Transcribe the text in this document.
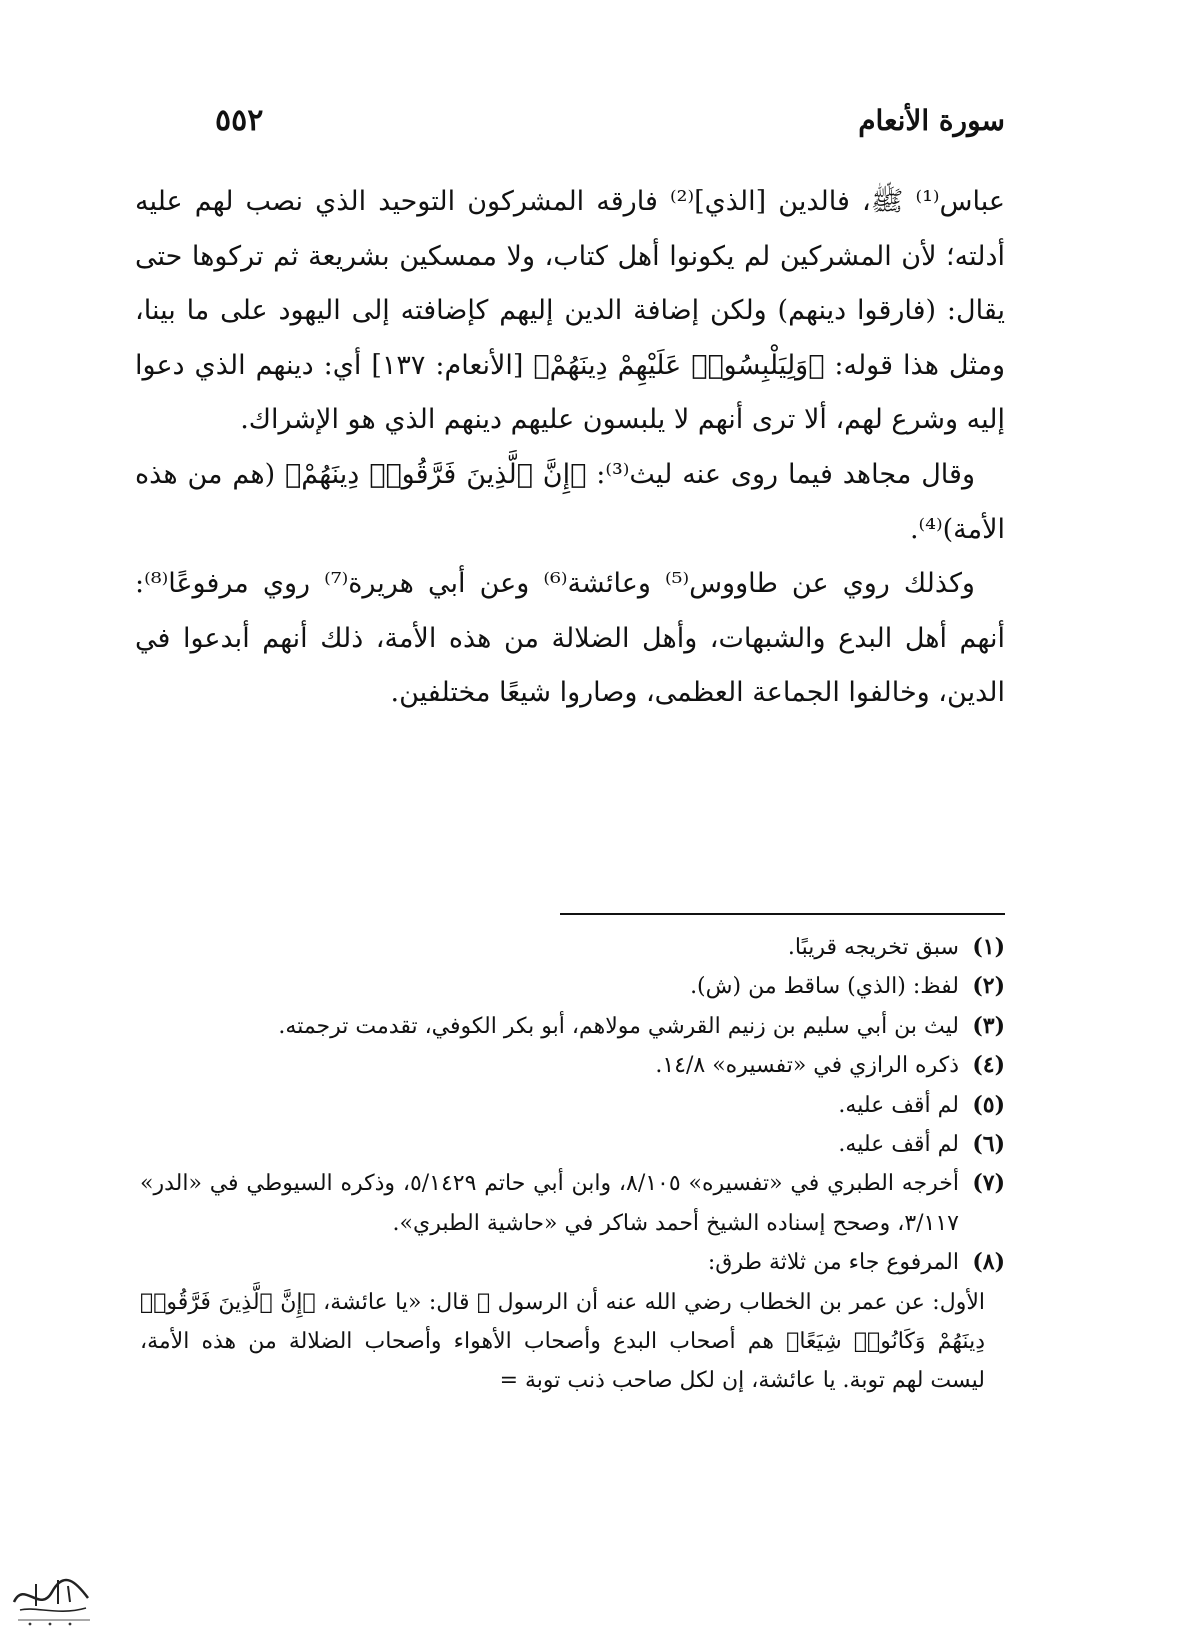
سورة الأنعام
٥٥٢

عباس⁽¹⁾ ﷺ، فالدين [الذي]⁽²⁾ فارقه المشركون التوحيد الذي نصب لهم عليه أدلته؛ لأن المشركين لم يكونوا أهل كتاب، ولا ممسكين بشريعة ثم تركوها حتى يقال: (فارقوا دينهم) ولكن إضافة الدين إليهم كإضافته إلى اليهود على ما بينا، ومثل هذا قوله: ﴿وَلِيَلْبِسُوا۟ عَلَيْهِمْ دِينَهُمْ﴾ [الأنعام: ١٣٧] أي: دينهم الذي دعوا إليه وشرع لهم، ألا ترى أنهم لا يلبسون عليهم دينهم الذي هو الإشراك.

وقال مجاهد فيما روى عنه ليث⁽³⁾: ﴿إِنَّ ٱلَّذِينَ فَرَّقُوا۟ دِينَهُمْ﴾ (هم من هذه الأمة)⁽⁴⁾.

وكذلك روي عن طاووس⁽⁵⁾ وعائشة⁽⁶⁾ وعن أبي هريرة⁽⁷⁾ روي مرفوعًا⁽⁸⁾: أنهم أهل البدع والشبهات، وأهل الضلالة من هذه الأمة، ذلك أنهم أبدعوا في الدين، وخالفوا الجماعة العظمى، وصاروا شيعًا مختلفين.

(١)
سبق تخريجه قريبًا.
(٢)
لفظ: (الذي) ساقط من (ش).
(٣)
ليث بن أبي سليم بن زنيم القرشي مولاهم، أبو بكر الكوفي، تقدمت ترجمته.
(٤)
ذكره الرازي في «تفسيره» ١٤/٨.
(٥)
لم أقف عليه.
(٦)
لم أقف عليه.
(٧)
أخرجه الطبري في «تفسيره» ٨/١٠٥، وابن أبي حاتم ٥/١٤٢٩، وذكره السيوطي في «الدر» ٣/١١٧، وصحح إسناده الشيخ أحمد شاكر في «حاشية الطبري».
(٨)
المرفوع جاء من ثلاثة طرق:
الأول: عن عمر بن الخطاب رضي الله عنه أن الرسول ﷺ قال: «يا عائشة، ﴿إِنَّ ٱلَّذِينَ فَرَّقُوا۟ دِينَهُمْ وَكَانُوا۟ شِيَعًا﴾ هم أصحاب البدع وأصحاب الأهواء وأصحاب الضلالة من هذه الأمة، ليست لهم توبة. يا عائشة، إن لكل صاحب ذنب توبة =
